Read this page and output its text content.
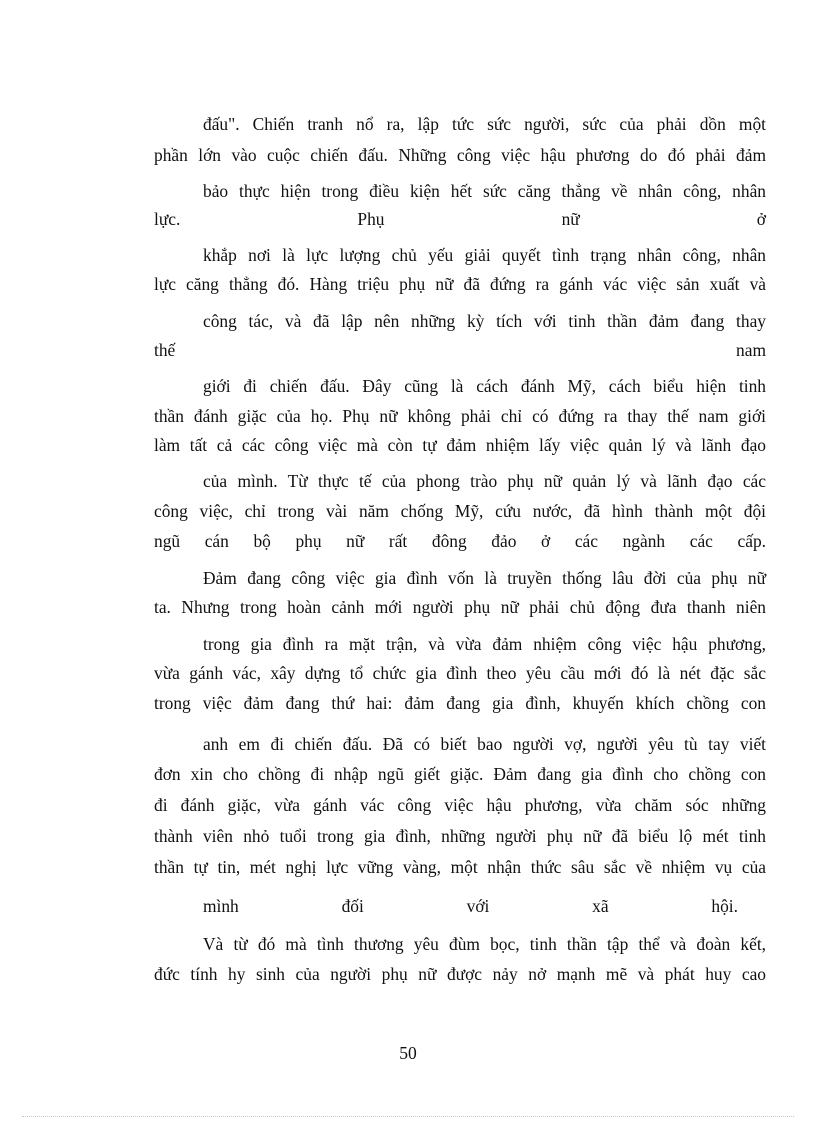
đấu". Chiến tranh nổ ra, lập tức sức người, sức của phải dồn một
phần lớn vào cuộc chiến đấu. Những công việc hậu phương do đó phải đảm
bảo thực hiện trong điều kiện hết sức căng thẳng về nhân công, nhân
lực. Phụ nữ ở
khắp nơi là lực lượng chủ yếu giải quyết tình trạng nhân công, nhân
lực căng thẳng đó. Hàng triệu phụ nữ đã đứng ra gánh vác việc sản xuất và
công tác, và đã lập nên những kỳ tích với tinh thần đảm đang thay
thế nam
giới đi chiến đấu. Đây cũng là cách đánh Mỹ, cách biểu hiện tinh
thần đánh giặc của họ. Phụ nữ không phải chỉ có đứng ra thay thế nam giới
làm tất cả các công việc mà còn tự đảm nhiệm lấy việc quản lý và lãnh đạo
của mình. Từ thực tế của phong trào phụ nữ quản lý và lãnh đạo các
công việc, chỉ trong vài năm chống Mỹ, cứu nước, đã hình thành một đội
ngũ cán bộ phụ nữ rất đông đảo ở các ngành các cấp.
Đảm đang công việc gia đình vốn là truyền thống lâu đời của phụ nữ
ta. Nhưng trong hoàn cảnh mới người phụ nữ phải chủ động đưa thanh niên
trong gia đình ra mặt trận, và vừa đảm nhiệm công việc hậu phương,
vừa gánh vác, xây dựng tổ chức gia đình theo yêu cầu mới đó là nét đặc sắc
trong việc đảm đang thứ hai: đảm đang gia đình, khuyến khích chồng con
anh em đi chiến đấu. Đã có biết bao người vợ, người yêu tù tay viết
đơn xin cho chồng đi nhập ngũ giết giặc. Đảm đang gia đình cho chồng con
đi đánh giặc, vừa gánh vác công việc hậu phương, vừa chăm sóc những
thành viên nhỏ tuổi trong gia đình, những người phụ nữ đã biểu lộ mét tinh
thần tự tin, mét nghị lực vững vàng, một nhận thức sâu sắc về nhiệm vụ của
mình đối với xã hội.
Và từ đó mà tình thương yêu đùm bọc, tinh thần tập thể và đoàn kết,
đức tính hy sinh của người phụ nữ được nảy nở mạnh mẽ và phát huy cao
50
